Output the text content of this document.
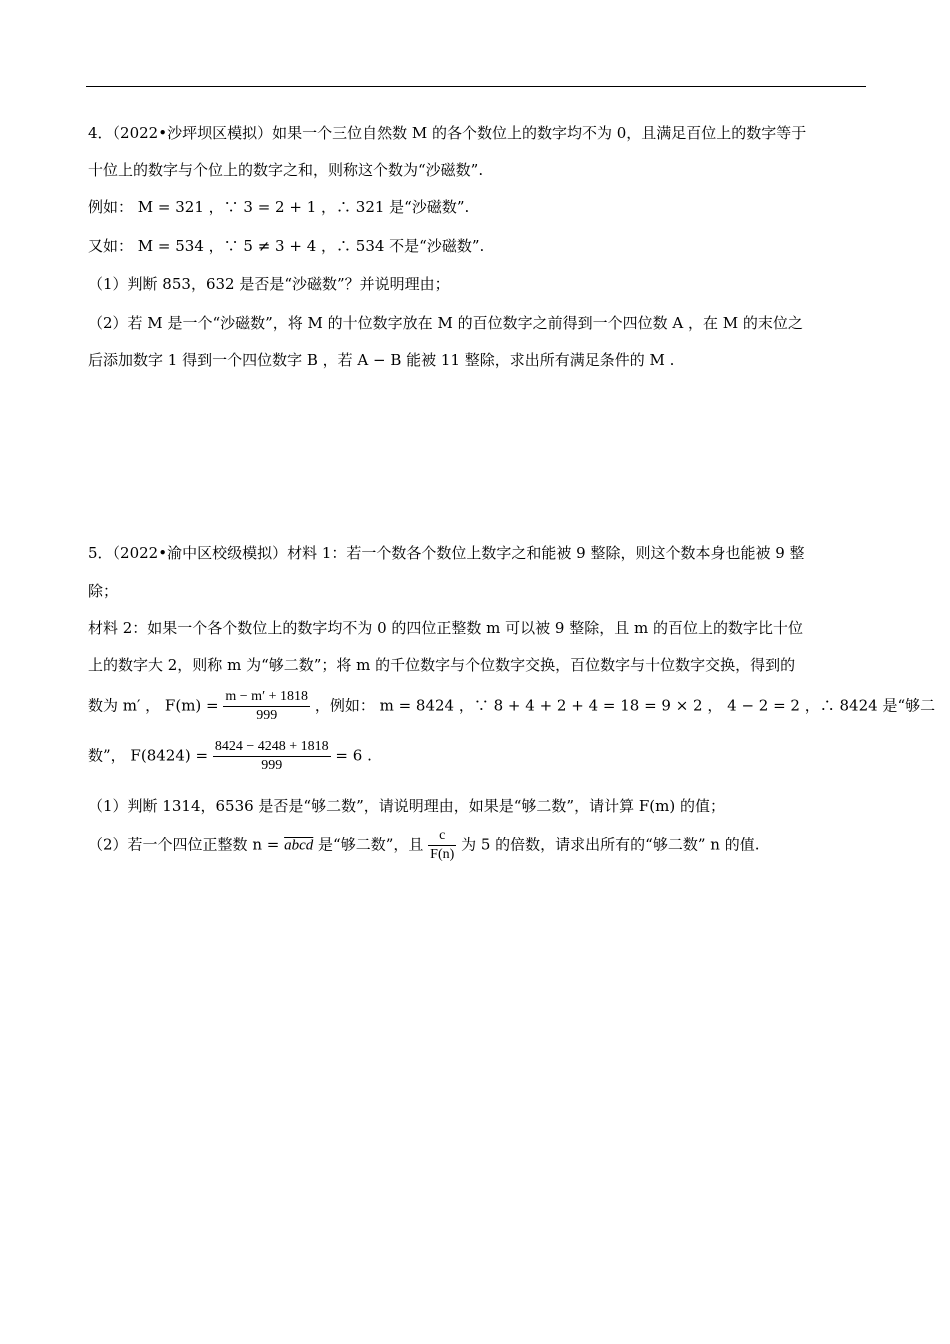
4．（2022•沙坪坝区模拟）如果一个三位自然数 M 的各个数位上的数字均不为 0，且满足百位上的数字等于
十位上的数字与个位上的数字之和，则称这个数为“沙磁数”.
例如： M = 321 ，∵ 3 = 2 + 1 ，∴ 321 是“沙磁数”.
又如： M = 534 ，∵ 5 ≠ 3 + 4 ，∴ 534 不是“沙磁数”.
（1）判断 853，632 是否是“沙磁数”？并说明理由；
（2）若 M 是一个“沙磁数”，将 M 的十位数字放在 M 的百位数字之前得到一个四位数 A ，在 M 的末位之
后添加数字 1 得到一个四位数字 B ，若 A − B 能被 11 整除，求出所有满足条件的 M .
5．（2022•渝中区校级模拟）材料 1：若一个数各个数位上数字之和能被 9 整除，则这个数本身也能被 9 整
除；
材料 2：如果一个各个数位上的数字均不为 0 的四位正整数 m 可以被 9 整除，且 m 的百位上的数字比十位
上的数字大 2，则称 m 为“够二数”；将 m 的千位数字与个位数字交换，百位数字与十位数字交换，得到的
数为 m′ ， $F(m) = \frac{m - m' + 1818}{999}$ ，例如： m = 8424 ，∵ 8 + 4 + 2 + 4 = 18 = 9 × 2 ， 4 − 2 = 2 ，∴ 8424 是“够二
数”， $F(8424) = \frac{8424 - 4248 + 1818}{999} = 6$ .
（1）判断 1314，6536 是否是“够二数”，请说明理由，如果是“够二数”，请计算 F(m) 的值；
（2）若一个四位正整数 n = abcd 是“够二数”，且 $\frac{c}{F(n)}$ 为 5 的倍数，请求出所有的“够二数” n 的值.
